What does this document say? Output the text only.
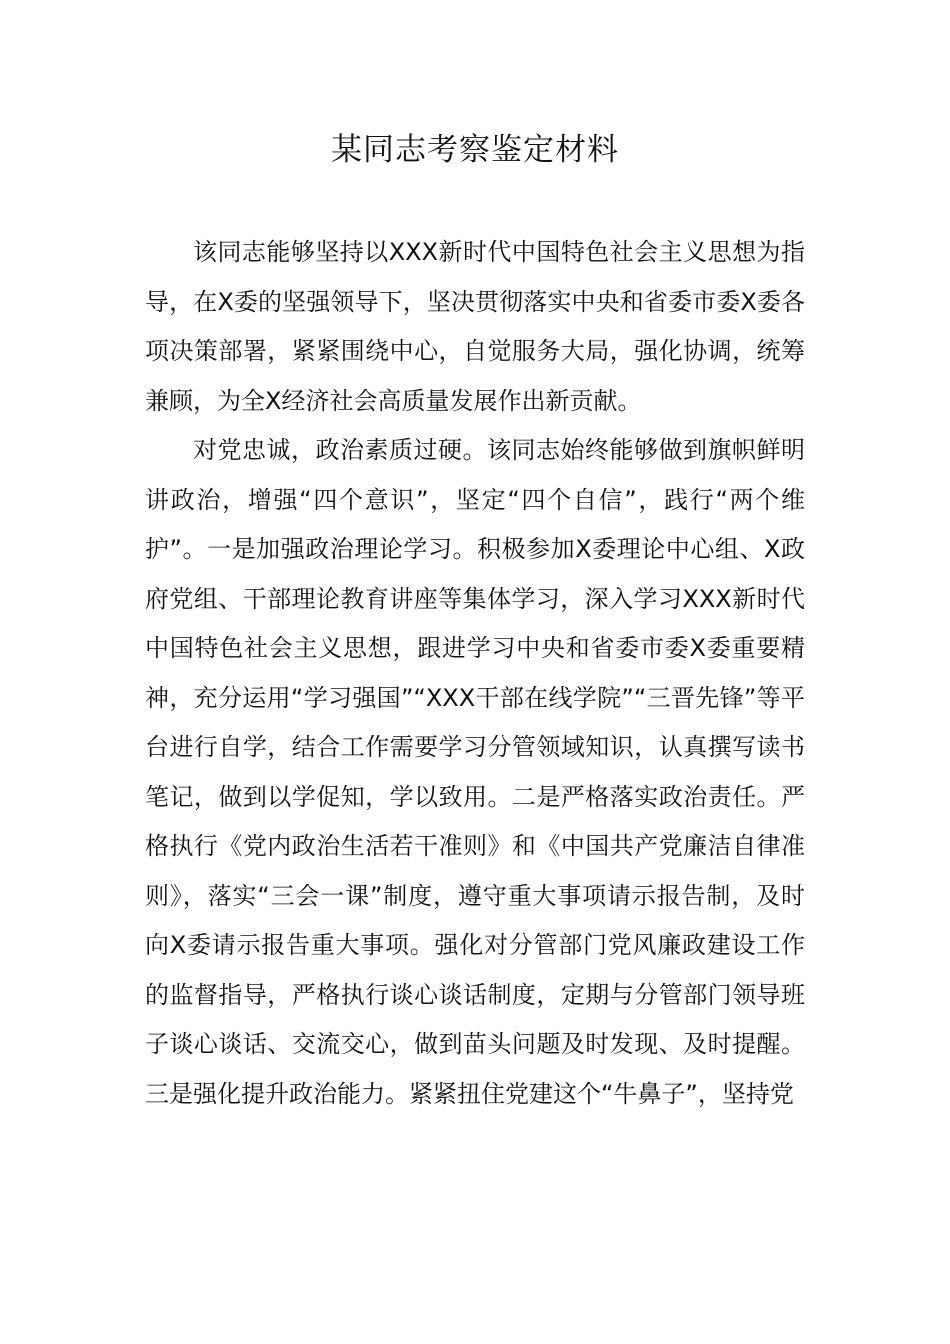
某同志考察鉴定材料

该同志能够坚持以XXX新时代中国特色社会主义思想为指导，在X委的坚强领导下，坚决贯彻落实中央和省委市委X委各项决策部署，紧紧围绕中心，自觉服务大局，强化协调，统筹兼顾，为全X经济社会高质量发展作出新贡献。

对党忠诚，政治素质过硬。该同志始终能够做到旗帜鲜明讲政治，增强“四个意识”，坚定“四个自信”，践行“两个维护”。一是加强政治理论学习。积极参加X委理论中心组、X政府党组、干部理论教育讲座等集体学习，深入学习XXX新时代中国特色社会主义思想，跟进学习中央和省委市委X委重要精神，充分运用“学习强国”“XXX干部在线学院”“三晋先锋”等平台进行自学，结合工作需要学习分管领域知识，认真撰写读书笔记，做到以学促知，学以致用。二是严格落实政治责任。严格执行《党内政治生活若干准则》和《中国共产党廉洁自律准则》，落实“三会一课”制度，遵守重大事项请示报告制，及时向X委请示报告重大事项。强化对分管部门党风廉政建设工作的监督指导，严格执行谈心谈话制度，定期与分管部门领导班子谈心谈话、交流交心，做到苗头问题及时发现、及时提醒。三是强化提升政治能力。紧紧扭住党建这个“牛鼻子”，坚持党
